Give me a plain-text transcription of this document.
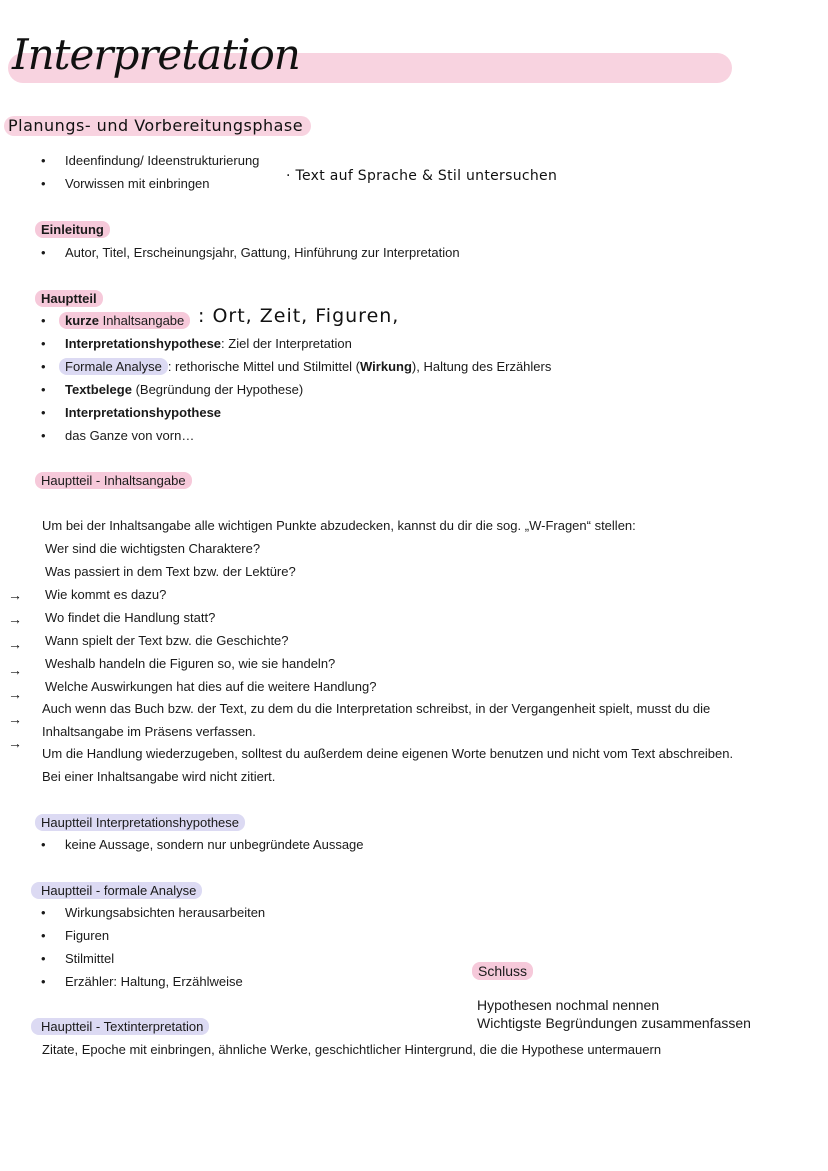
Interpretation
Planungs- und Vorbereitungsphase
• Ideenfindung/ Ideenstrukturierung
• Vorwissen mit einbringen	· Text auf Sprache & Stil untersuchen
Einleitung
• Autor, Titel, Erscheinungsjahr, Gattung, Hinführung zur Interpretation
Hauptteil
•	kurze Inhaltsangabe : Ort, Zeit, Figuren,
• Interpretationshypothese: Ziel der Interpretation
• Formale Analyse : rethorische Mittel und Stilmittel (Wirkung), Haltung des Erzählers
• Textbelege (Begründung der Hypothese)
• Interpretationshypothese
• das Ganze von vorn…
Hauptteil - Inhaltsangabe
Um bei der Inhaltsangabe alle wichtigen Punkte abzudecken, kannst du dir die sog. „W-Fragen“ stellen:
Wer sind die wichtigsten Charaktere?
Was passiert in dem Text bzw. der Lektüre?
Wie kommt es dazu?
Wo findet die Handlung statt?
Wann spielt der Text bzw. die Geschichte?
Weshalb handeln die Figuren so, wie sie handeln?
Welche Auswirkungen hat dies auf die weitere Handlung?
Auch wenn das Buch bzw. der Text, zu dem du die Interpretation schreibst, in der Vergangenheit spielt, musst du die
Inhaltsangabe im Präsens verfassen.
Um die Handlung wiederzugeben, solltest du außerdem deine eigenen Worte benutzen und nicht vom Text abschreiben.
Bei einer Inhaltsangabe wird nicht zitiert.
→
→
→
→
→
→
→
Hauptteil Interpretationshypothese
• keine Aussage, sondern nur unbegründete Aussage
Hauptteil - formale Analyse
• Wirkungsabsichten herausarbeiten
• Figuren
• Stilmittel
• Erzähler: Haltung, Erzählweise
Schluss
Hypothesen nochmal nennen
Wichtigste Begründungen zusammenfassen
Hauptteil - Textinterpretation
Zitate, Epoche mit einbringen, ähnliche Werke, geschichtlicher Hintergrund, die die Hypothese untermauern
